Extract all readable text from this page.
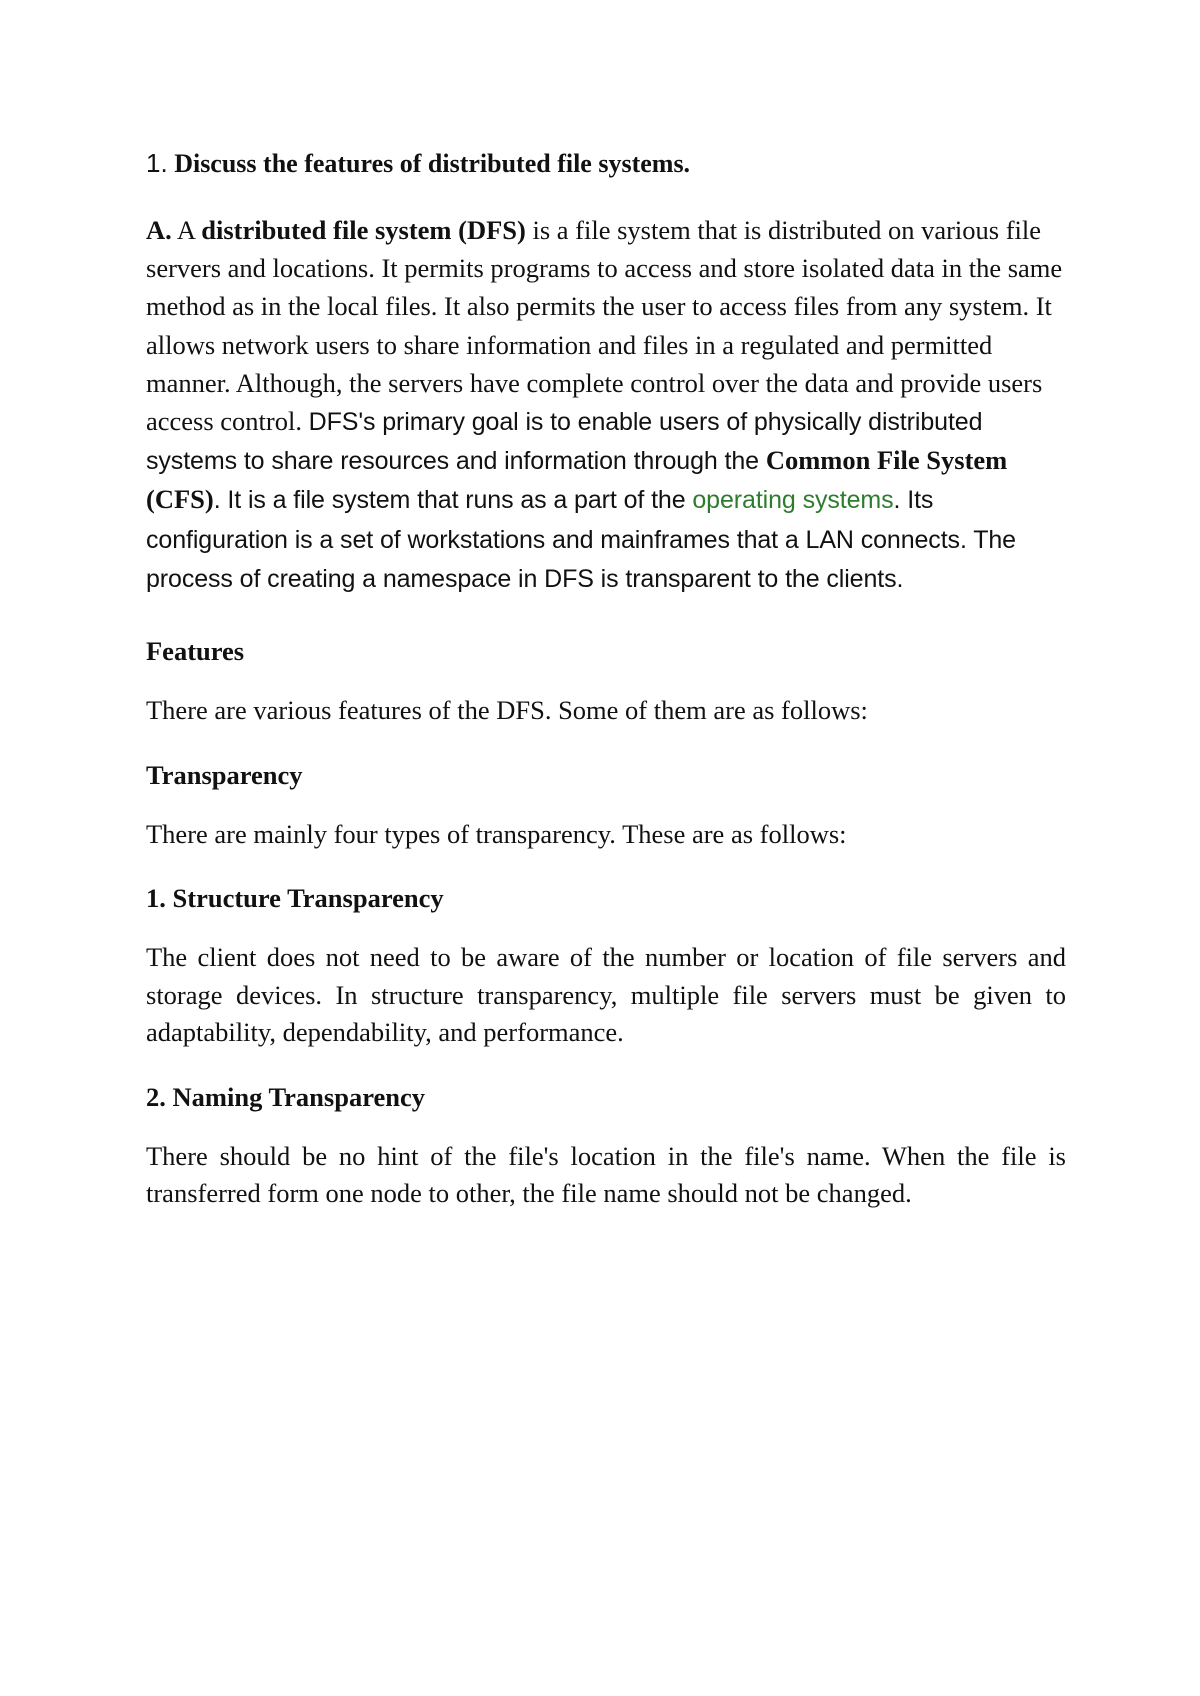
1. Discuss the features of distributed file systems.
A. A distributed file system (DFS) is a file system that is distributed on various file servers and locations. It permits programs to access and store isolated data in the same method as in the local files. It also permits the user to access files from any system. It allows network users to share information and files in a regulated and permitted manner. Although, the servers have complete control over the data and provide users access control. DFS's primary goal is to enable users of physically distributed systems to share resources and information through the Common File System (CFS). It is a file system that runs as a part of the operating systems. Its configuration is a set of workstations and mainframes that a LAN connects. The process of creating a namespace in DFS is transparent to the clients.
Features

There are various features of the DFS. Some of them are as follows:

Transparency

There are mainly four types of transparency. These are as follows:

1. Structure Transparency

The client does not need to be aware of the number or location of file servers and storage devices. In structure transparency, multiple file servers must be given to adaptability, dependability, and performance.

2. Naming Transparency

There should be no hint of the file's location in the file's name. When the file is transferred form one node to other, the file name should not be changed.
